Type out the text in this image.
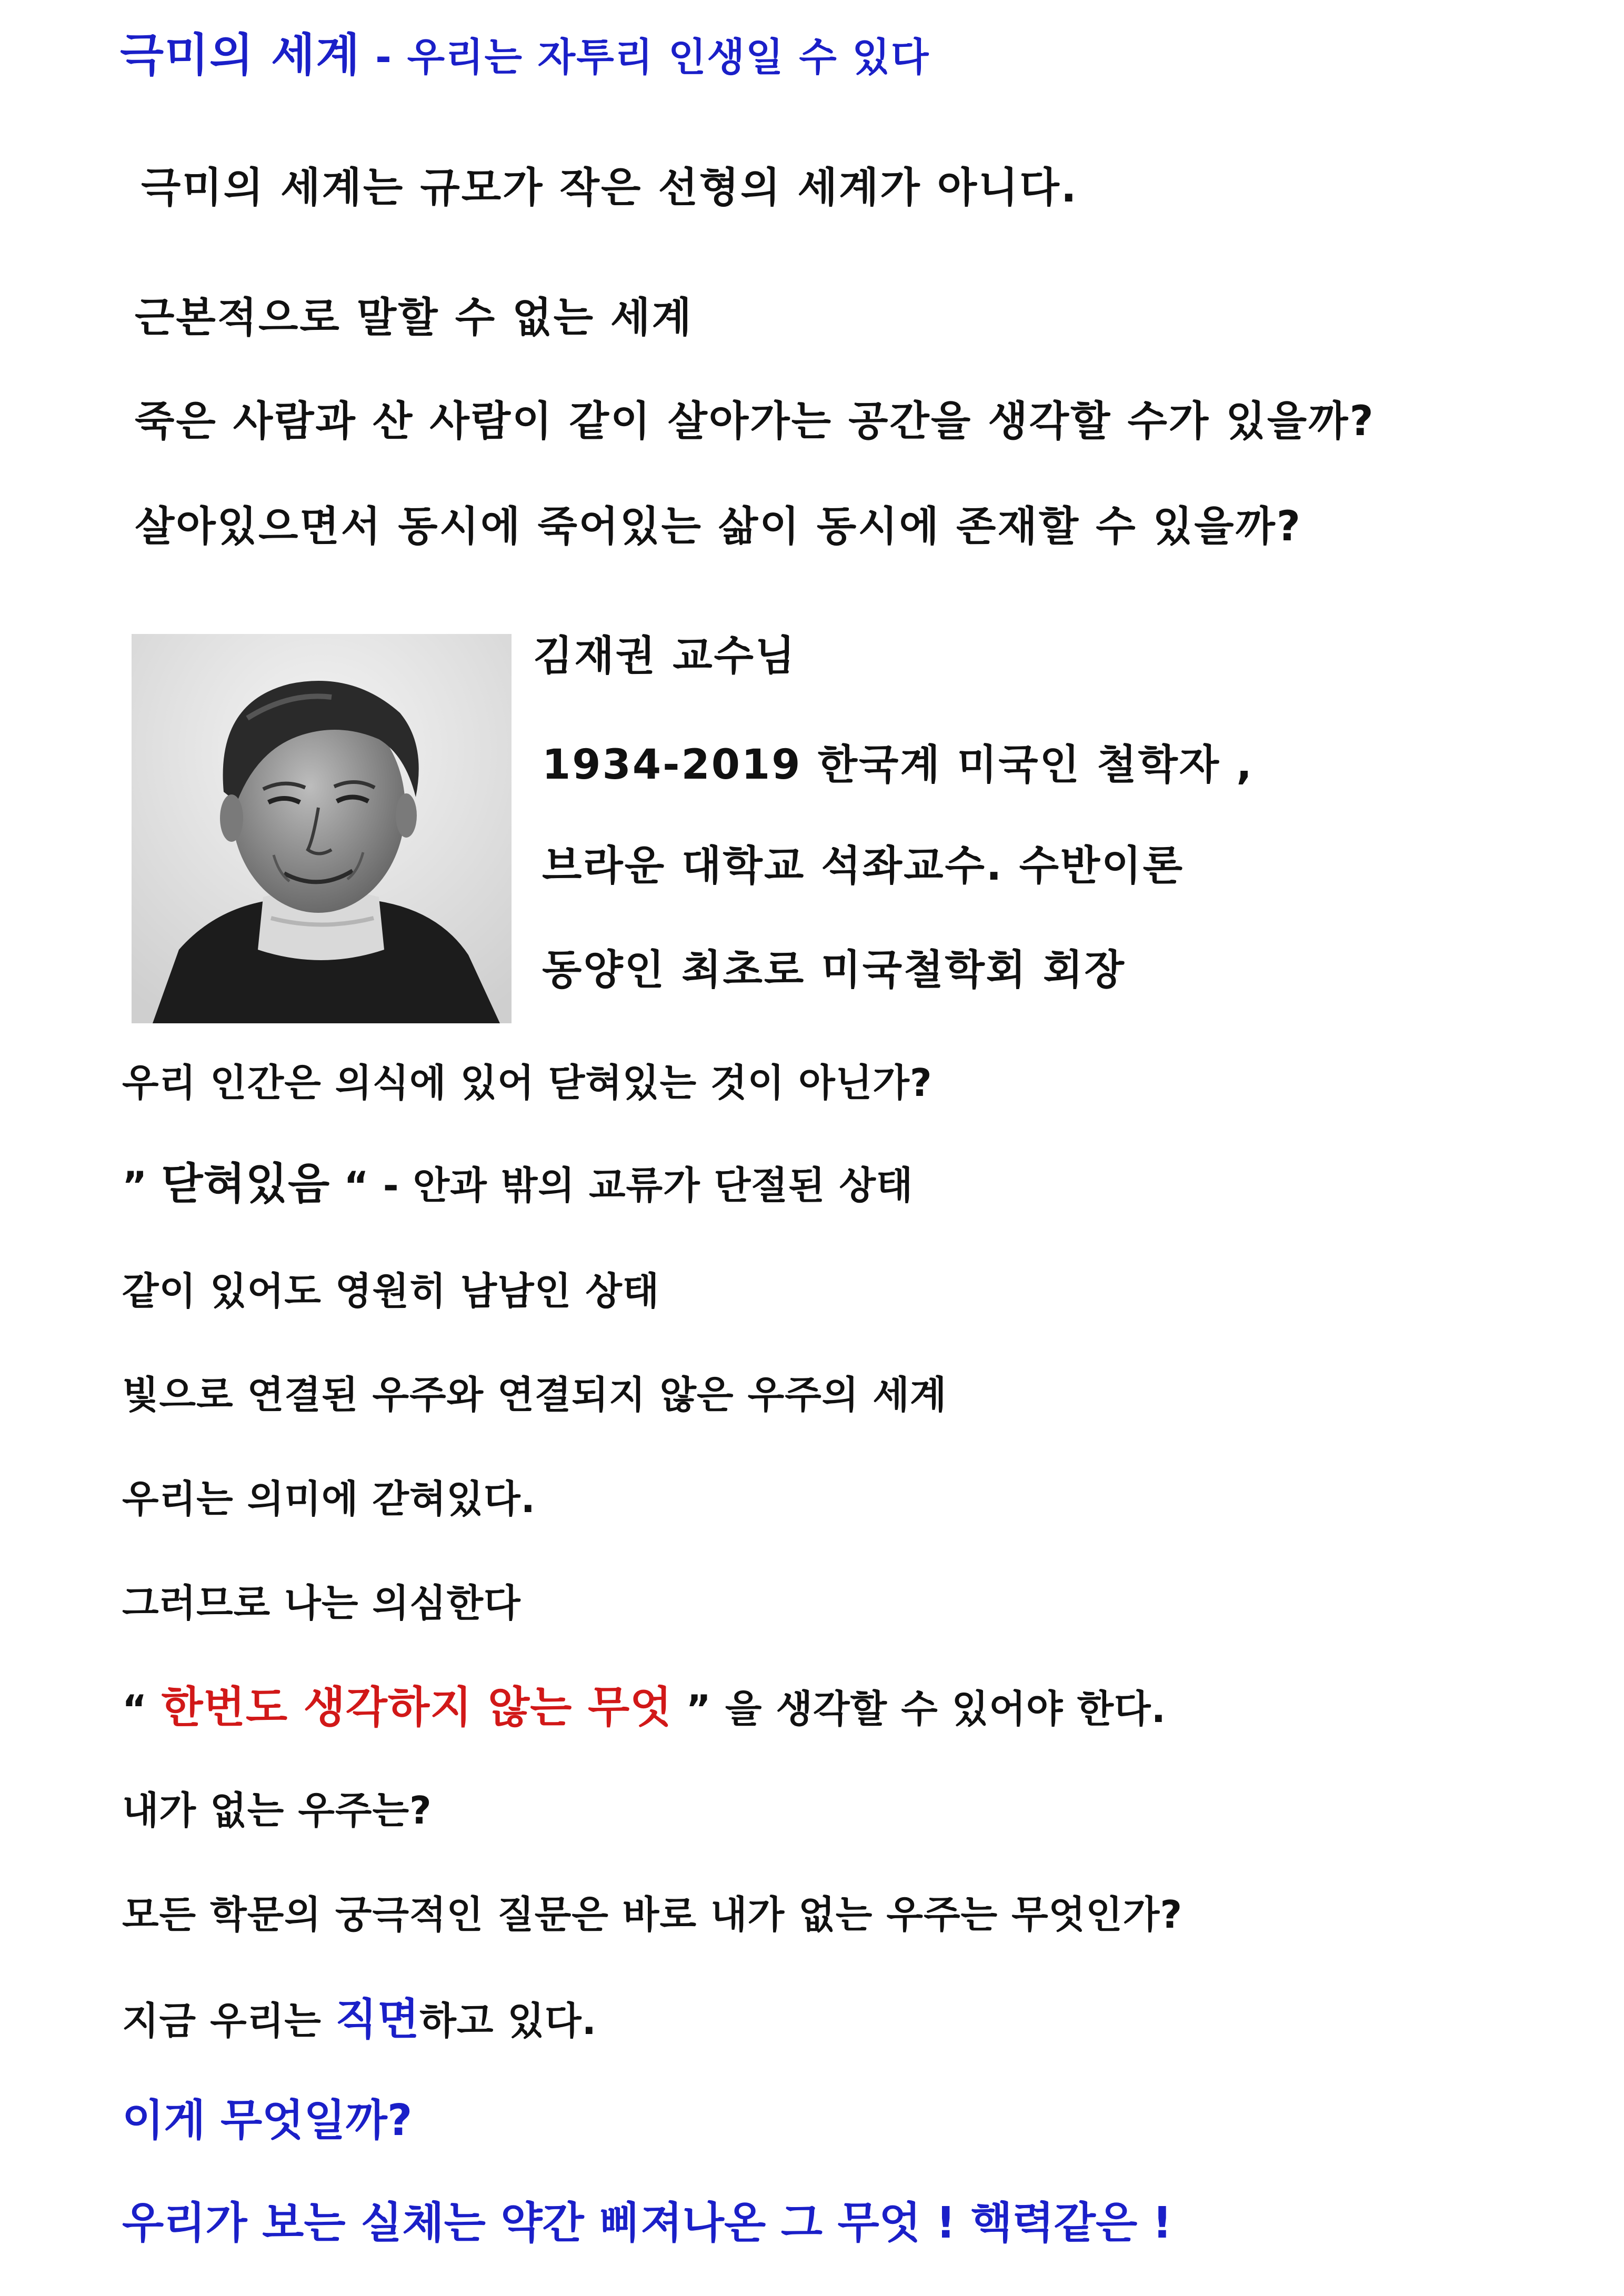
극미의 세계 - 우리는 자투리 인생일 수 있다
극미의 세계는 규모가 작은 선형의 세계가 아니다.
근본적으로 말할 수 없는 세계
죽은 사람과 산 사람이 같이 살아가는 공간을 생각할 수가 있을까?
살아있으면서 동시에 죽어있는 삶이 동시에 존재할 수 있을까?
김재권 교수님
1934-2019 한국계 미국인 철학자 ,
브라운 대학교 석좌교수. 수반이론
동양인 최초로 미국철학회 회장
우리 인간은 의식에 있어 닫혀있는 것이 아닌가?
” 닫혀있음 “ - 안과 밖의 교류가 단절된 상태
같이 있어도 영원히 남남인 상태
빛으로 연결된 우주와 연결되지 않은 우주의 세계
우리는 의미에 갇혀있다.
그러므로 나는 의심한다
“ 한번도 생각하지 않는 무엇 ” 을 생각할 수 있어야 한다.
내가 없는 우주는?
모든 학문의 궁극적인 질문은 바로 내가 없는 우주는 무엇인가?
지금 우리는 직면하고 있다.
이게 무엇일까?
우리가 보는 실체는 약간 삐져나온 그 무엇 ! 핵력같은 !
